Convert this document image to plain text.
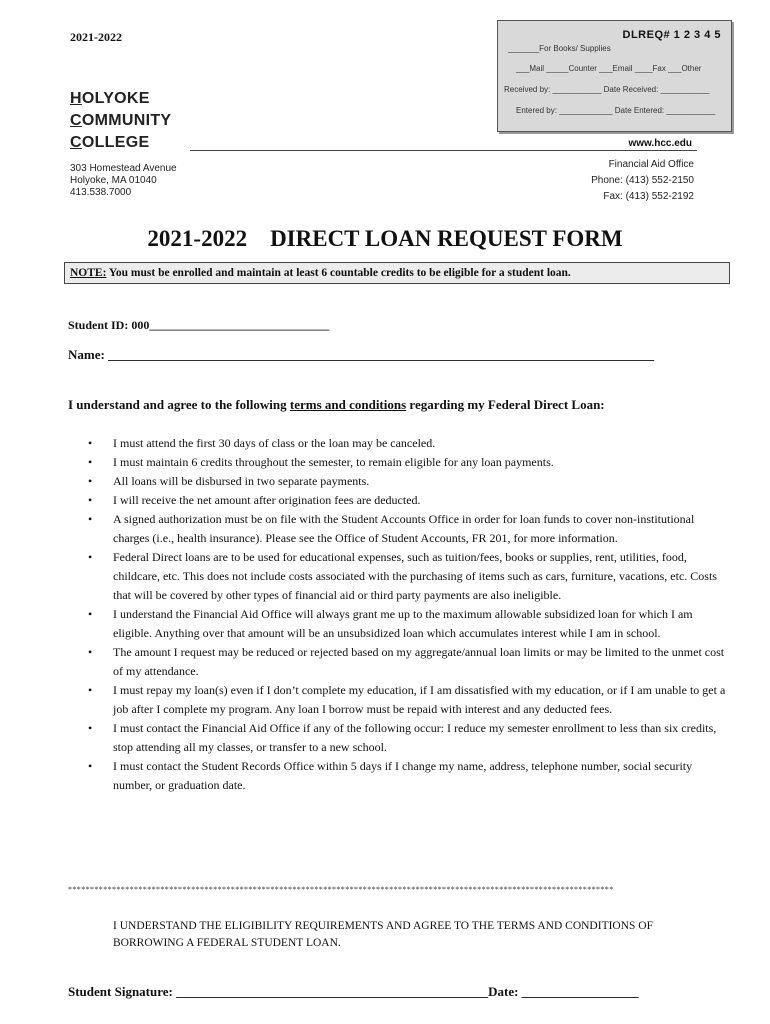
2021-2022	DLREQ# 1 2 3 4 5
_______For Books/ Supplies
___Mail _____Counter ___Email ____Fax ___Other
Received by: ___________ Date Received: ___________
Entered by: ____________ Date Entered: ___________
HOLYOKE
COMMUNITY
COLLEGE	www.hcc.edu
303 Homestead Avenue
Holyoke, MA 01040
413.538.7000
Financial Aid Office
Phone: (413) 552-2150
Fax: (413) 552-2192
2021-2022    DIRECT LOAN REQUEST FORM
NOTE: You must be enrolled and maintain at least 6 countable credits to be eligible for a student loan.
Student ID: 000______________________________
Name: ____________________________________________________________________________________
I understand and agree to the following terms and conditions regarding my Federal Direct Loan:
• I must attend the first 30 days of class or the loan may be canceled.
• I must maintain 6 credits throughout the semester, to remain eligible for any loan payments.
• All loans will be disbursed in two separate payments.
• I will receive the net amount after origination fees are deducted.
• A signed authorization must be on file with the Student Accounts Office in order for loan funds to cover non-institutional charges (i.e., health insurance). Please see the Office of Student Accounts, FR 201, for more information.
• Federal Direct loans are to be used for educational expenses, such as tuition/fees, books or supplies, rent, utilities, food, childcare, etc. This does not include costs associated with the purchasing of items such as cars, furniture, vacations, etc. Costs that will be covered by other types of financial aid or third party payments are also ineligible.
• I understand the Financial Aid Office will always grant me up to the maximum allowable subsidized loan for which I am eligible. Anything over that amount will be an unsubsidized loan which accumulates interest while I am in school.
• The amount I request may be reduced or rejected based on my aggregate/annual loan limits or may be limited to the unmet cost of my attendance.
• I must repay my loan(s) even if I don’t complete my education, if I am dissatisfied with my education, or if I am unable to get a job after I complete my program. Any loan I borrow must be repaid with interest and any deducted fees.
• I must contact the Financial Aid Office if any of the following occur: I reduce my semester enrollment to less than six credits, stop attending all my classes, or transfer to a new school.
• I must contact the Student Records Office within 5 days if I change my name, address, telephone number, social security number, or graduation date.
****************************************************************************************************************************
I UNDERSTAND THE ELIGIBILITY REQUIREMENTS AND AGREE TO THE TERMS AND CONDITIONS OF BORROWING A FEDERAL STUDENT LOAN.
Student Signature: ________________________________________________Date: __________________
